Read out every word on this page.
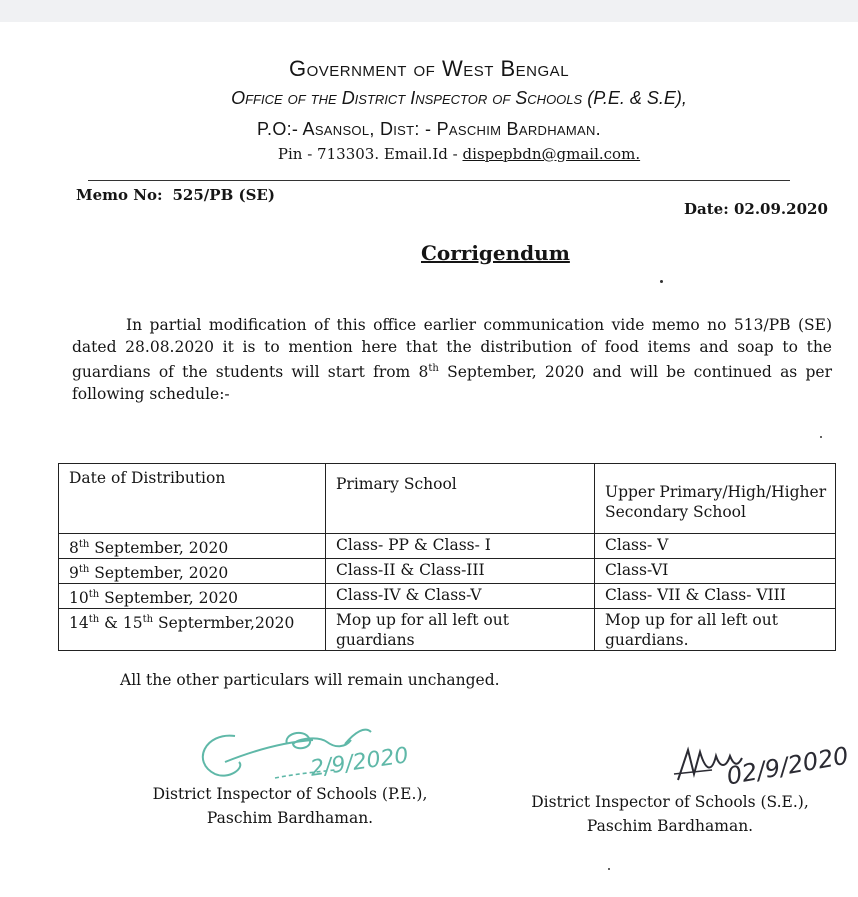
Government of West Bengal
Office of the District Inspector of Schools (P.E. & S.E),
P.O:- Asansol, Dist: - Paschim Bardhaman.
Pin - 713303. Email.Id - dispepbdn@gmail.com.
Memo No: 525/PB (SE)
Date: 02.09.2020
Corrigendum
In partial modification of this office earlier communication vide memo no 513/PB (SE) dated 28.08.2020 it is to mention here that the distribution of food items and soap to the guardians of the students will start from 8th September, 2020 and will be continued as per following schedule:-
Date of Distribution	Primary School	Upper Primary/High/Higher Secondary School
8th September, 2020	Class- PP & Class- I	Class- V
9th September, 2020	Class-II & Class-III	Class-VI
10th September, 2020	Class-IV & Class-V	Class- VII & Class- VIII
14th & 15th Septermber,2020	Mop up for all left out guardians	Mop up for all left out guardians.
All the other particulars will remain unchanged.
2/9/2020	02/9/2020
District Inspector of Schools (P.E.),
Paschim Bardhaman.
District Inspector of Schools (S.E.),
Paschim Bardhaman.
